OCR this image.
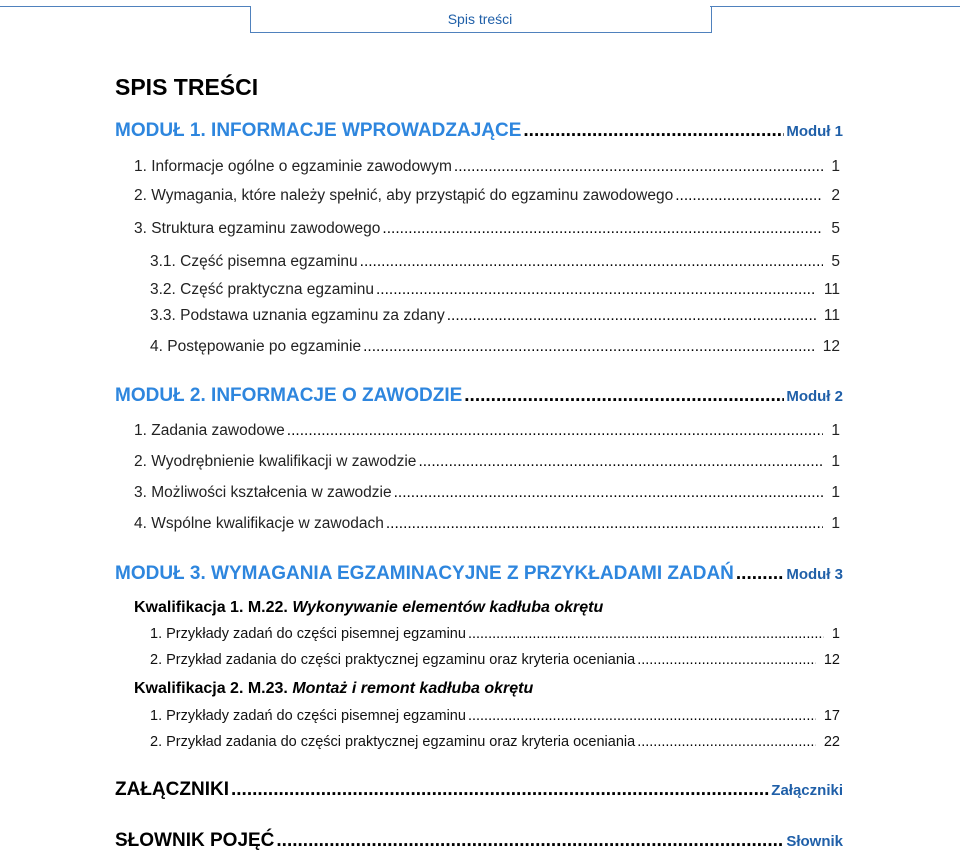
Spis treści
SPIS TREŚCI
MODUŁ 1. INFORMACJE WPROWADZAJĄCE .....	Moduł 1
1. Informacje ogólne o egzaminie zawodowym .....	1
2. Wymagania, które należy spełnić, aby przystąpić do egzaminu zawodowego .....	2
3. Struktura egzaminu zawodowego .....	5
3.1. Część pisemna egzaminu .....	5
3.2. Część praktyczna egzaminu .....	11
3.3. Podstawa uznania egzaminu za zdany .....	11
4. Postępowanie po egzaminie .....	12
MODUŁ 2. INFORMACJE O ZAWODZIE .....	Moduł 2
1. Zadania zawodowe .....	1
2. Wyodrębnienie kwalifikacji w zawodzie .....	1
3. Możliwości kształcenia w zawodzie .....	1
4. Wspólne kwalifikacje w zawodach .....	1
MODUŁ 3. WYMAGANIA EGZAMINACYJNE Z PRZYKŁADAMI ZADAŃ .....	Moduł 3
Kwalifikacja 1. M.22. Wykonywanie elementów kadłuba okrętu
1. Przykłady zadań do części pisemnej egzaminu .....	1
2. Przykład zadania do części praktycznej egzaminu oraz kryteria oceniania .....	12
Kwalifikacja 2. M.23. Montaż i remont kadłuba okrętu
1. Przykłady zadań do części pisemnej egzaminu .....	17
2. Przykład zadania do części praktycznej egzaminu oraz kryteria oceniania .....	22
ZAŁĄCZNIKI .....	Załączniki
SŁOWNIK POJĘĆ .....	Słownik
